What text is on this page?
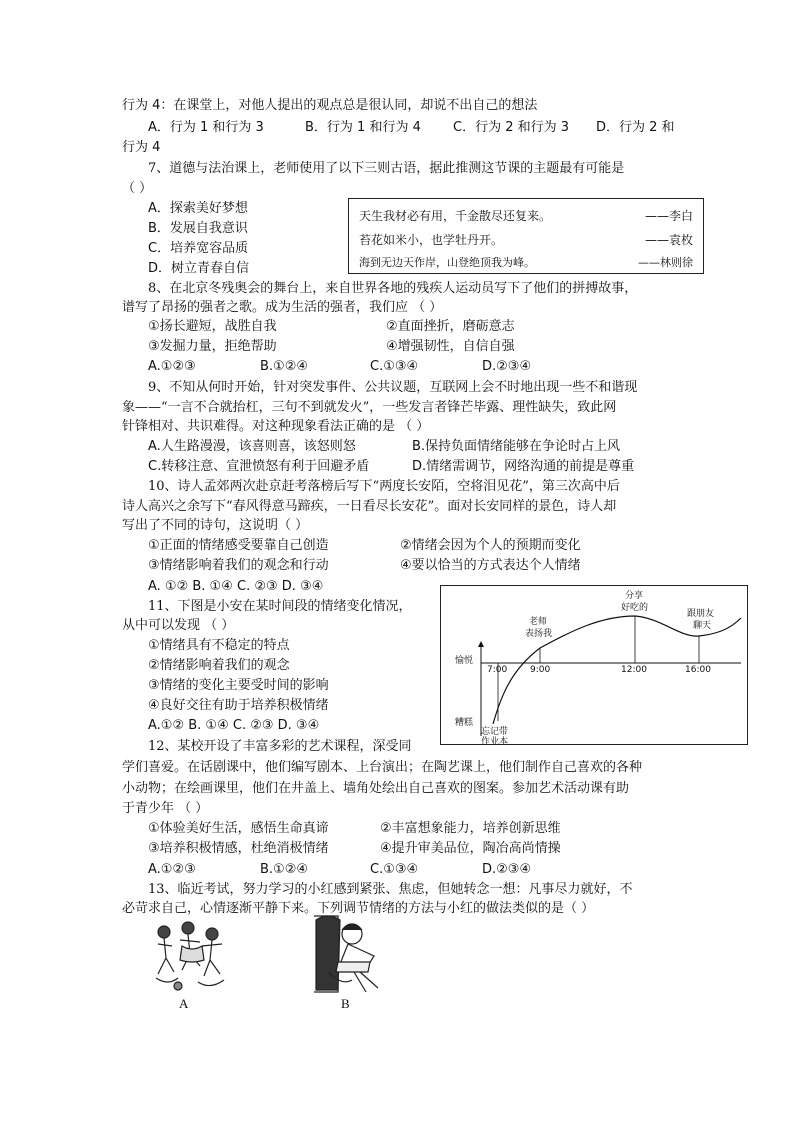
行为 4：在课堂上，对他人提出的观点总是很认同，却说不出自己的想法
A．行为 1 和行为 3	B．行为 1 和行为 4 C．行为 2 和行为 3 D．行为 2 和
行为 4
7、道德与法治课上，老师使用了以下三则古语，据此推测这节课的主题最有可能是
（ ）
A．探索美好梦想
B．发展自我意识
C．培养宽容品质
D．树立青春自信
天生我材必有用，千金散尽还复来。	——李白
苔花如米小，也学牡丹开。	——袁枚
海到无边天作岸，山登绝顶我为峰。	——林则徐
8、在北京冬残奥会的舞台上，来自世界各地的残疾人运动员写下了他们的拼搏故事，
谱写了昂扬的强者之歌。成为生活的强者，我们应 （ ）
①扬长避短，战胜自我	②直面挫折，磨砺意志
③发掘力量，拒绝帮助	④增强韧性，自信自强
A.①②③	B.①②④	C.①③④	D.②③④
9、不知从何时开始，针对突发事件、公共议题，互联网上会不时地出现一些不和谐现
象——“一言不合就抬杠，三句不到就发火”，一些发言者锋芒毕露、理性缺失，致此网
针锋相对、共识难得。对这种现象看法正确的是 （ ）
A.人生路漫漫，该喜则喜，该怒则怒	B.保持负面情绪能够在争论时占上风
C.转移注意、宣泄愤怒有利于回避矛盾	D.情绪需调节，网络沟通的前提是尊重
10、诗人孟郊两次赴京赶考落榜后写下“两度长安陌，空将泪见花”，第三次高中后
诗人高兴之余写下“春风得意马蹄疾，一日看尽长安花”。面对长安同样的景色，诗人却
写出了不同的诗句，这说明（ ）
①正面的情绪感受要靠自己创造	②情绪会因为个人的预期而变化
③情绪影响着我们的观念和行动	④要以恰当的方式表达个人情绪
A. ①② B. ①④ C. ②③ D. ③④
11、下图是小安在某时间段的情绪变化情况，
从中可以发现 （ ）
①情绪具有不稳定的特点
②情绪影响着我们的观念
③情绪的变化主要受时间的影响
④良好交往有助于培养积极情绪
A.①② B. ①④ C. ②③ D. ③④
愉悦
糟糕
7:00	9:00	12:00	16:00
忘记带
作业本
老师
表扬我
分享
好吃的
跟朋友
聊天
12、某校开设了丰富多彩的艺术课程，深受同
学们喜爱。在话剧课中，他们编写剧本、上台演出；在陶艺课上，他们制作自己喜欢的各种
小动物；在绘画课里，他们在井盖上、墙角处绘出自己喜欢的图案。参加艺术活动课有助
于青少年 （ ）
①体验美好生活，感悟生命真谛	②丰富想象能力，培养创新思维
③培养积极情感，杜绝消极情绪	④提升审美品位，陶冶高尚情操
A.①②③	B.①②④	C.①③④	D.②③④
13、临近考试，努力学习的小红感到紧张、焦虑，但她转念一想：凡事尽力就好，不
必苛求自己，心情逐渐平静下来。下列调节情绪的方法与小红的做法类似的是（ ）
A	B
